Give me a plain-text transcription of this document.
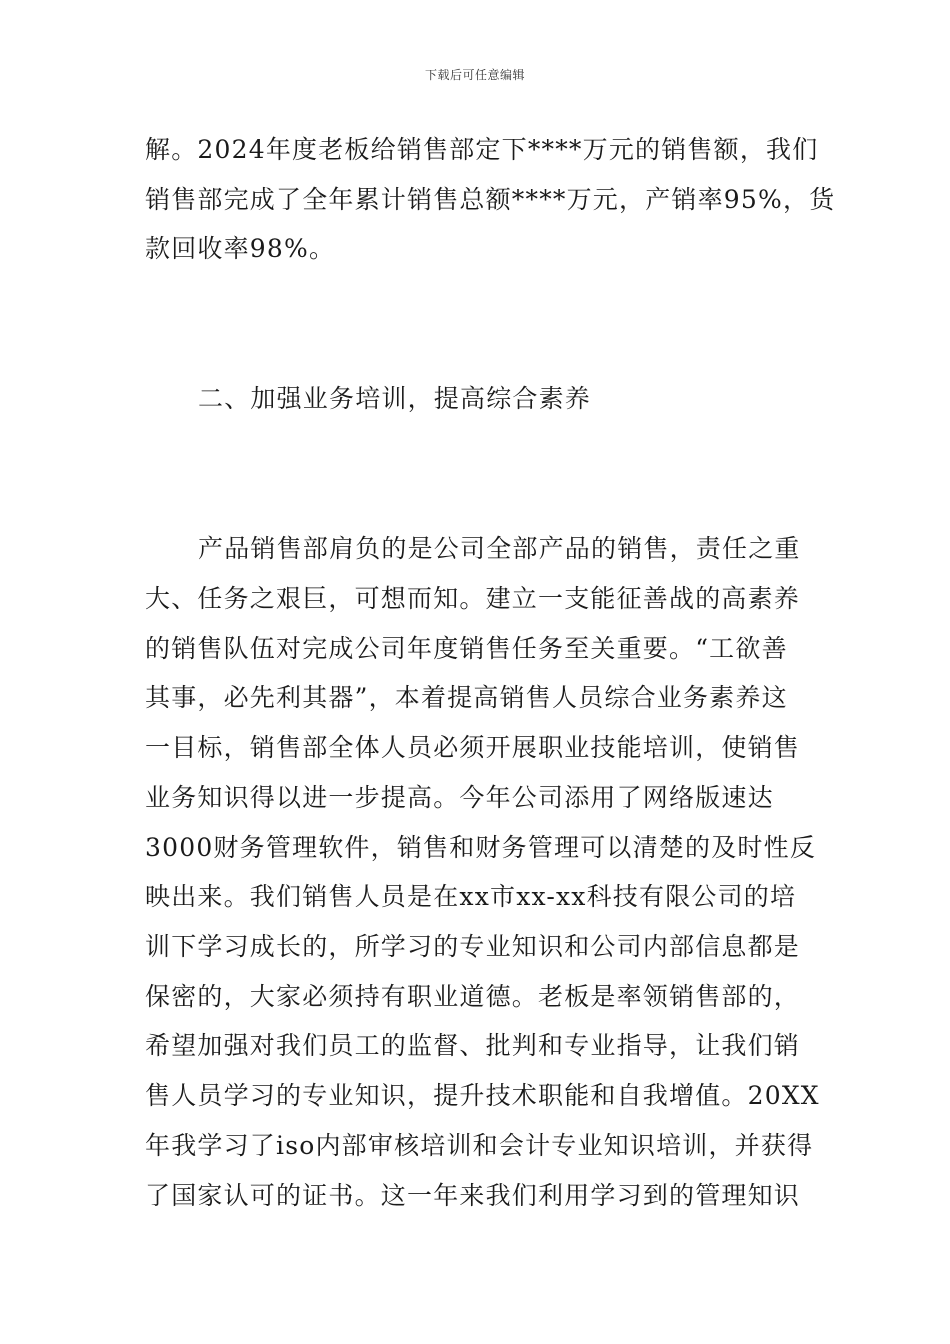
下载后可任意编辑
解。2024年度老板给销售部定下****万元的销售额，我们
销售部完成了全年累计销售总额****万元，产销率95%，货
款回收率98%。
二、加强业务培训，提高综合素养
产品销售部肩负的是公司全部产品的销售，责任之重
大、任务之艰巨，可想而知。建立一支能征善战的高素养
的销售队伍对完成公司年度销售任务至关重要。“工欲善
其事，必先利其器”，本着提高销售人员综合业务素养这
一目标，销售部全体人员必须开展职业技能培训，使销售
业务知识得以进一步提高。今年公司添用了网络版速达
3000财务管理软件，销售和财务管理可以清楚的及时性反
映出来。我们销售人员是在xx市xx-xx科技有限公司的培
训下学习成长的，所学习的专业知识和公司内部信息都是
保密的，大家必须持有职业道德。老板是率领销售部的，
希望加强对我们员工的监督、批判和专业指导，让我们销
售人员学习的专业知识，提升技术职能和自我增值。20XX
年我学习了iso内部审核培训和会计专业知识培训，并获得
了国家认可的证书。这一年来我们利用学习到的管理知识
